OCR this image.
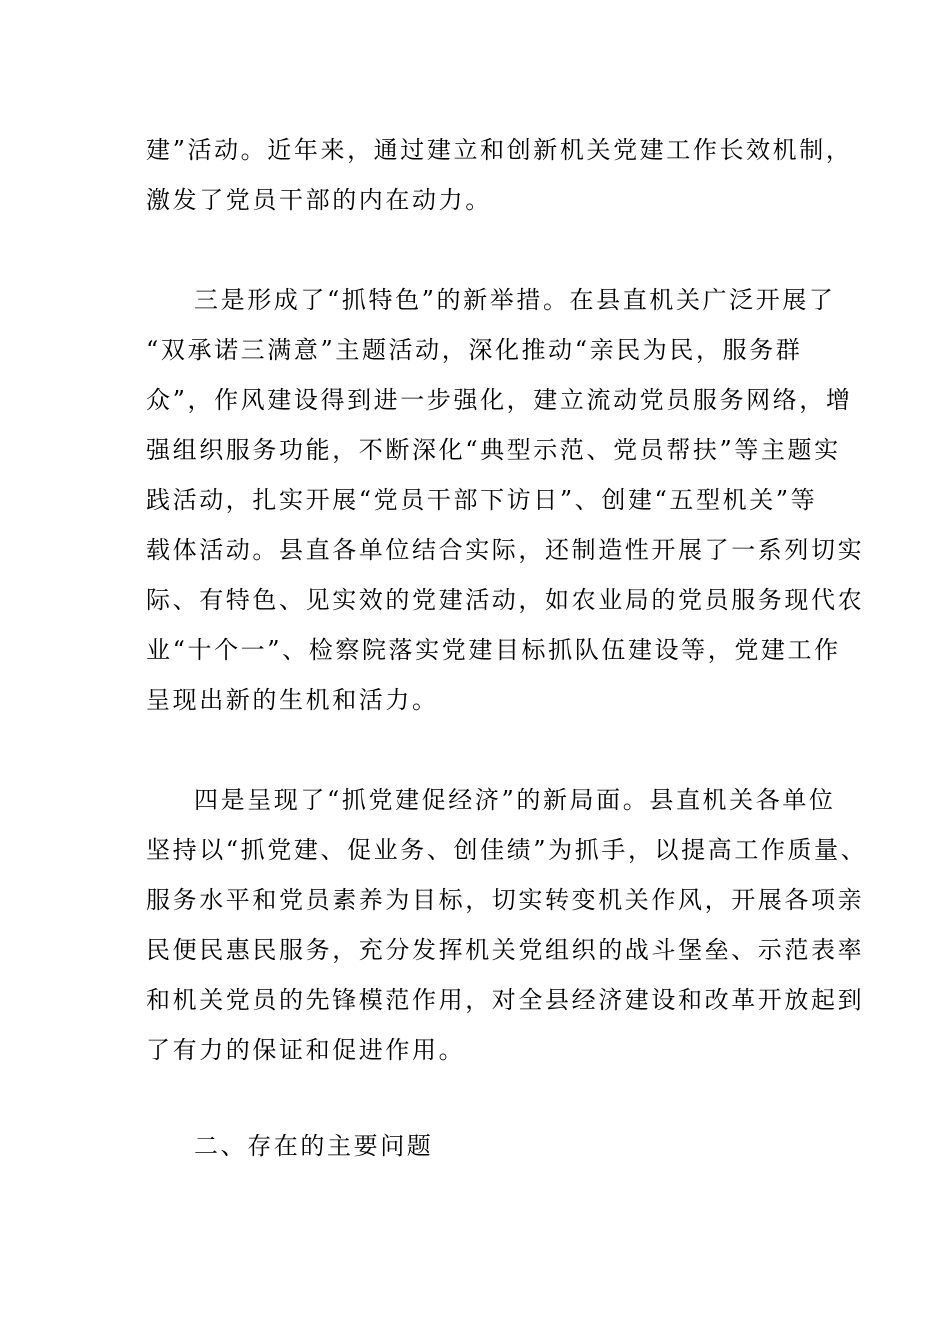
建”活动。近年来，通过建立和创新机关党建工作长效机制，
激发了党员干部的内在动力。
三是形成了“抓特色”的新举措。在县直机关广泛开展了
“双承诺三满意”主题活动，深化推动“亲民为民，服务群
众”，作风建设得到进一步强化，建立流动党员服务网络，增
强组织服务功能，不断深化“典型示范、党员帮扶”等主题实
践活动，扎实开展“党员干部下访日”、创建“五型机关”等
载体活动。县直各单位结合实际，还制造性开展了一系列切实
际、有特色、见实效的党建活动，如农业局的党员服务现代农
业“十个一”、检察院落实党建目标抓队伍建设等，党建工作
呈现出新的生机和活力。
四是呈现了“抓党建促经济”的新局面。县直机关各单位
坚持以“抓党建、促业务、创佳绩”为抓手，以提高工作质量、
服务水平和党员素养为目标，切实转变机关作风，开展各项亲
民便民惠民服务，充分发挥机关党组织的战斗堡垒、示范表率
和机关党员的先锋模范作用，对全县经济建设和改革开放起到
了有力的保证和促进作用。
二、存在的主要问题
